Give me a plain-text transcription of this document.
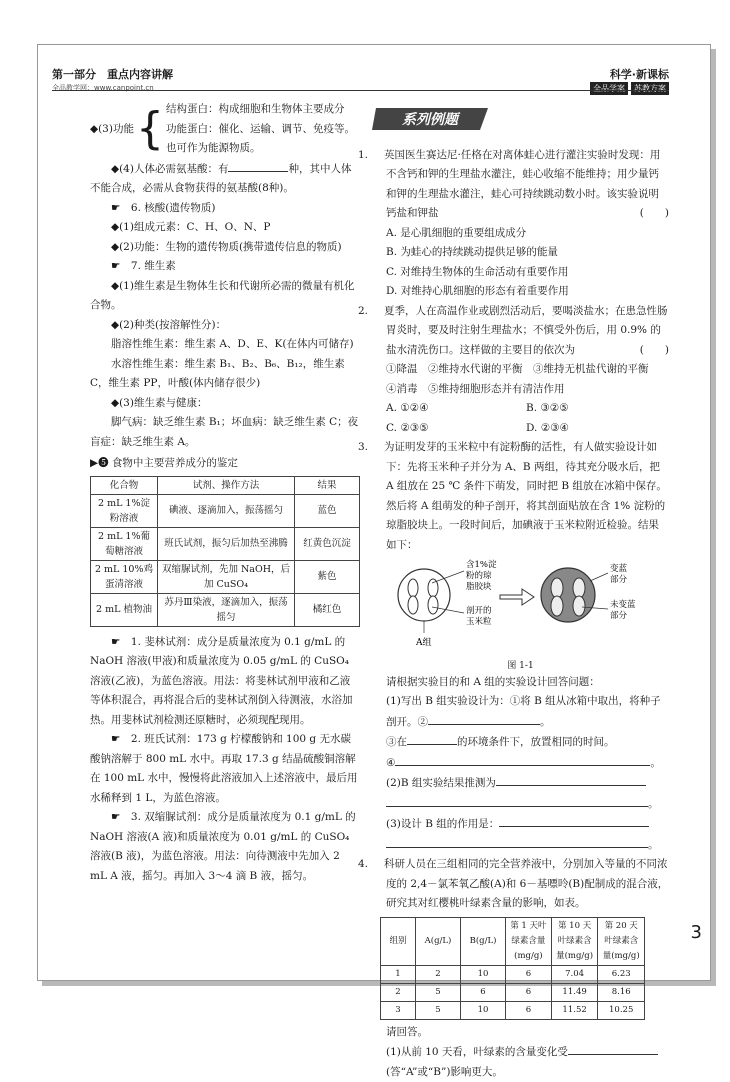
第一部分　重点内容讲解
全品教学网：www.canpoint.cn
科学·新课标
全品学案	苏教方案
◆(3)功能 { 结构蛋白：构成细胞和生物体主要成分
功能蛋白：催化、运输、调节、免疫等。
也可作为能源物质。

◆(4)人体必需氨基酸：有	种，其中人体不能合成，必需从食物获得的氨基酸(8种)。

☛　6. 核酸(遗传物质)

◆(1)组成元素：C、H、O、N、P

◆(2)功能：生物的遗传物质(携带遗传信息的物质)

☛　7. 维生素

◆(1)维生素是生物体生长和代谢所必需的微量有机化合物。

◆(2)种类(按溶解性分)：

脂溶性维生素：维生素 A、D、E、K(在体内可储存)

水溶性维生素：维生素 B₁、B₂、B₆、B₁₂，维生素 C，维生素 PP，叶酸(体内储存很少)

◆(3)维生素与健康：

脚气病：缺乏维生素 B₁；坏血病：缺乏维生素 C；夜盲症：缺乏维生素 A。

▶❺ 食物中主要营养成分的鉴定

化合物	试剂、操作方法	结果
2 mL 1%淀粉溶液	碘液、逐滴加入，振荡摇匀	蓝色
2 mL 1%葡萄糖溶液	班氏试剂，振匀后加热至沸腾	红黄色沉淀
2 mL 10%鸡蛋清溶液	双缩脲试剂，先加 NaOH，后加 CuSO₄	紫色
2 mL 植物油	苏丹Ⅲ染液，逐滴加入，振荡摇匀	橘红色

☛　1. 斐林试剂：成分是质量浓度为 0.1 g/mL 的 NaOH 溶液(甲液)和质量浓度为 0.05 g/mL 的 CuSO₄ 溶液(乙液)，为蓝色溶液。用法：将斐林试剂甲液和乙液等体积混合，再将混合后的斐林试剂倒入待测液，水浴加热。用斐林试剂检测还原糖时，必须现配现用。

☛　2. 班氏试剂：173 g 柠檬酸钠和 100 g 无水碳酸钠溶解于 800 mL 水中。再取 17.3 g 结晶硫酸铜溶解在 100 mL 水中，慢慢将此溶液加入上述溶液中，最后用水稀释到 1 L，为蓝色溶液。

☛　3. 双缩脲试剂：成分是质量浓度为 0.1 g/mL 的 NaOH 溶液(A 液)和质量浓度为 0.01 g/mL 的 CuSO₄ 溶液(B 液)，为蓝色溶液。用法：向待测液中先加入 2 mL A 液，摇匀。再加入 3～4 滴 B 液，摇匀。

系列例题

1. 英国医生赛达尼·任格在对离体蛙心进行灌注实验时发现：用不含钙和钾的生理盐水灌注，蛙心收缩不能维持；用少量钙和钾的生理盐水灌注，蛙心可持续跳动数小时。该实验说明钙盐和钾盐	(　　)

A. 是心肌细胞的重要组成成分

B. 为蛙心的持续跳动提供足够的能量

C. 对维持生物体的生命活动有重要作用

D. 对维持心肌细胞的形态有着重要作用

2. 夏季，人在高温作业或剧烈活动后，要喝淡盐水；在患急性肠胃炎时，要及时注射生理盐水；不慎受外伤后，用 0.9% 的盐水清洗伤口。这样做的主要目的依次为	(　　)

①降温　②维持水代谢的平衡　③维持无机盐代谢的平衡　④消毒　⑤维持细胞形态并有清洁作用

A. ①②④	B. ③②⑤
C. ②③⑤	D. ②③④

3. 为证明发芽的玉米粒中有淀粉酶的活性，有人做实验设计如下：先将玉米种子并分为 A、B 两组，待其充分吸水后，把 A 组放在 25 ℃ 条件下萌发，同时把 B 组放在冰箱中保存。然后将 A 组萌发的种子剖开，将其剖面贴放在含 1% 淀粉的琼脂胶块上。一段时间后，加碘液于玉米粒附近检验。结果如下：

含1%淀
粉的琼
脂胶块
剖开的
玉米粒
A组
变蓝
部分
未变蓝
部分

图 1-1

请根据实验目的和 A 组的实验设计回答问题：

(1)写出 B 组实验设计为：①将 B 组从冰箱中取出，将种子剖开。②	。

③在	的环境条件下，放置相同的时间。

④	。

(2)B 组实验结果推测为

。

(3)设计 B 组的作用是：

。

4. 科研人员在三组相同的完全营养液中，分别加入等量的不同浓度的 2,4－氯苯氧乙酸(A)和 6－基嘌呤(B)配制成的混合液，研究其对红樱桃叶绿素含量的影响，如表。

组别	A(g/L)	B(g/L)	第 1 天叶绿素含量(mg/g)	第 10 天叶绿素含量(mg/g)	第 20 天叶绿素含量(mg/g)
1	2	10	6	7.04	6.23
2	5	6	6	11.49	8.16
3	5	10	6	11.52	10.25

请回答。

(1)从前 10 天看，叶绿素的含量变化受
(答“A”或“B”)影响更大。

3
